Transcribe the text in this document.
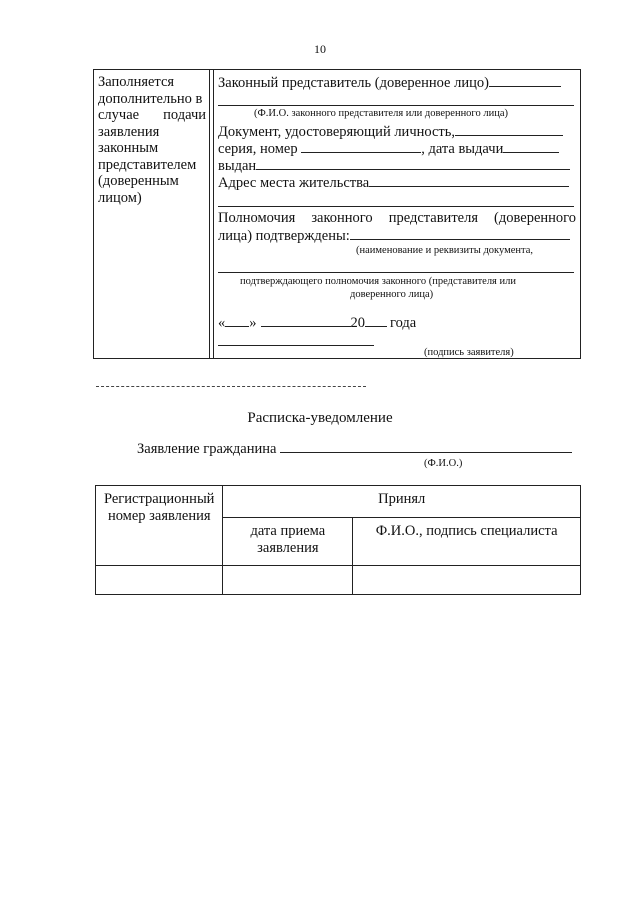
10
Заполняется
дополнительно в
случае подачи
заявления
законным
представителем
(доверенным
лицом)
Законный представитель (доверенное лицо)
(Ф.И.О. законного представителя или доверенного лица)
Документ, удостоверяющий личность,
серия, номер	, дата выдачи
выдан
Адрес места жительства
Полномочия законного представителя (доверенного
лица) подтверждены:
(наименование и реквизиты документа,
подтверждающего полномочия законного (представителя или
доверенного лица)
« »	20 года
(подпись заявителя)
Расписка-уведомление
Заявление гражданина
(Ф.И.О.)
Регистрационный номер заявления	Принял	
	дата приема заявления	Ф.И.О., подпись специалиста
